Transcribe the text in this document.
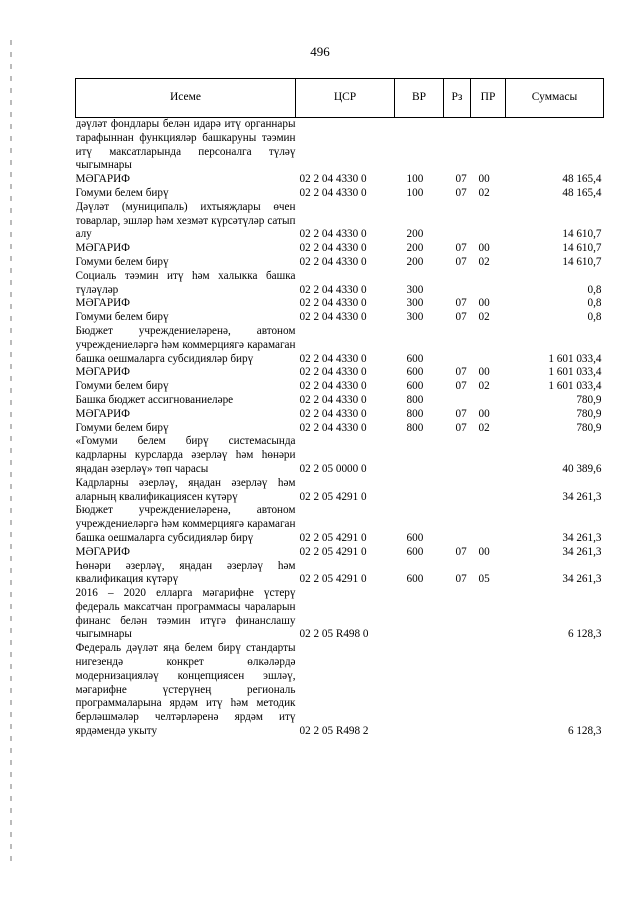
496
Исеме	ЦСР	ВР	Рз	ПР	Суммасы
дәүләт фондлары белән идарә итү органнары тарафыннан функцияләр башкаруны тәэмин итү максатларында персоналга түләү чыгымнары					
МӘГАРИФ	02 2 04 4330 0	100	07	00	48 165,4
Гомуми белем бирү	02 2 04 4330 0	100	07	02	48 165,4
Дәүләт (муниципаль) ихтыяҗлары өчен товарлар, эшләр һәм хезмәт күрсәтүләр сатып алу	02 2 04 4330 0	200			14 610,7
МӘГАРИФ	02 2 04 4330 0	200	07	00	14 610,7
Гомуми белем бирү	02 2 04 4330 0	200	07	02	14 610,7
Социаль тәэмин итү һәм халыкка башка түләүләр	02 2 04 4330 0	300			0,8
МӘГАРИФ	02 2 04 4330 0	300	07	00	0,8
Гомуми белем бирү	02 2 04 4330 0	300	07	02	0,8
Бюджет учреждениеләренә, автоном учреждениеләргә һәм коммерциягә карамаган башка оешмаларга субсидияләр бирү	02 2 04 4330 0	600			1 601 033,4
МӘГАРИФ	02 2 04 4330 0	600	07	00	1 601 033,4
Гомуми белем бирү	02 2 04 4330 0	600	07	02	1 601 033,4
Башка бюджет ассигнованиеләре	02 2 04 4330 0	800			780,9
МӘГАРИФ	02 2 04 4330 0	800	07	00	780,9
Гомуми белем бирү	02 2 04 4330 0	800	07	02	780,9
«Гомуми белем бирү системасында кадрларны курсларда әзерләү һәм һөнәри яңадан әзерләү» төп чарасы	02 2 05 0000 0				40 389,6
Кадрларны әзерләү, яңадан әзерләү һәм аларның квалификациясен күтәрү	02 2 05 4291 0				34 261,3
Бюджет учреждениеләренә, автоном учреждениеләргә һәм коммерциягә карамаган башка оешмаларга субсидияләр бирү	02 2 05 4291 0	600			34 261,3
МӘГАРИФ	02 2 05 4291 0	600	07	00	34 261,3
Һөнәри әзерләү, яңадан әзерләү һәм квалификация күтәрү	02 2 05 4291 0	600	07	05	34 261,3
2016 – 2020 елларга мәгарифне үстерү федераль максатчан программасы чараларын финанс белән тәэмин итүгә финанслашу чыгымнары	02 2 05 R498 0				6 128,3
Федераль дәүләт яңа белем бирү стандарты нигезендә конкрет өлкәләрдә модернизацияләү концепциясен эшләү, мәгарифне үстерүнең региональ программаларына ярдәм итү һәм методик берләшмәләр челтәрләренә ярдәм итү ярдәмендә укыту	02 2 05 R498 2				6 128,3
